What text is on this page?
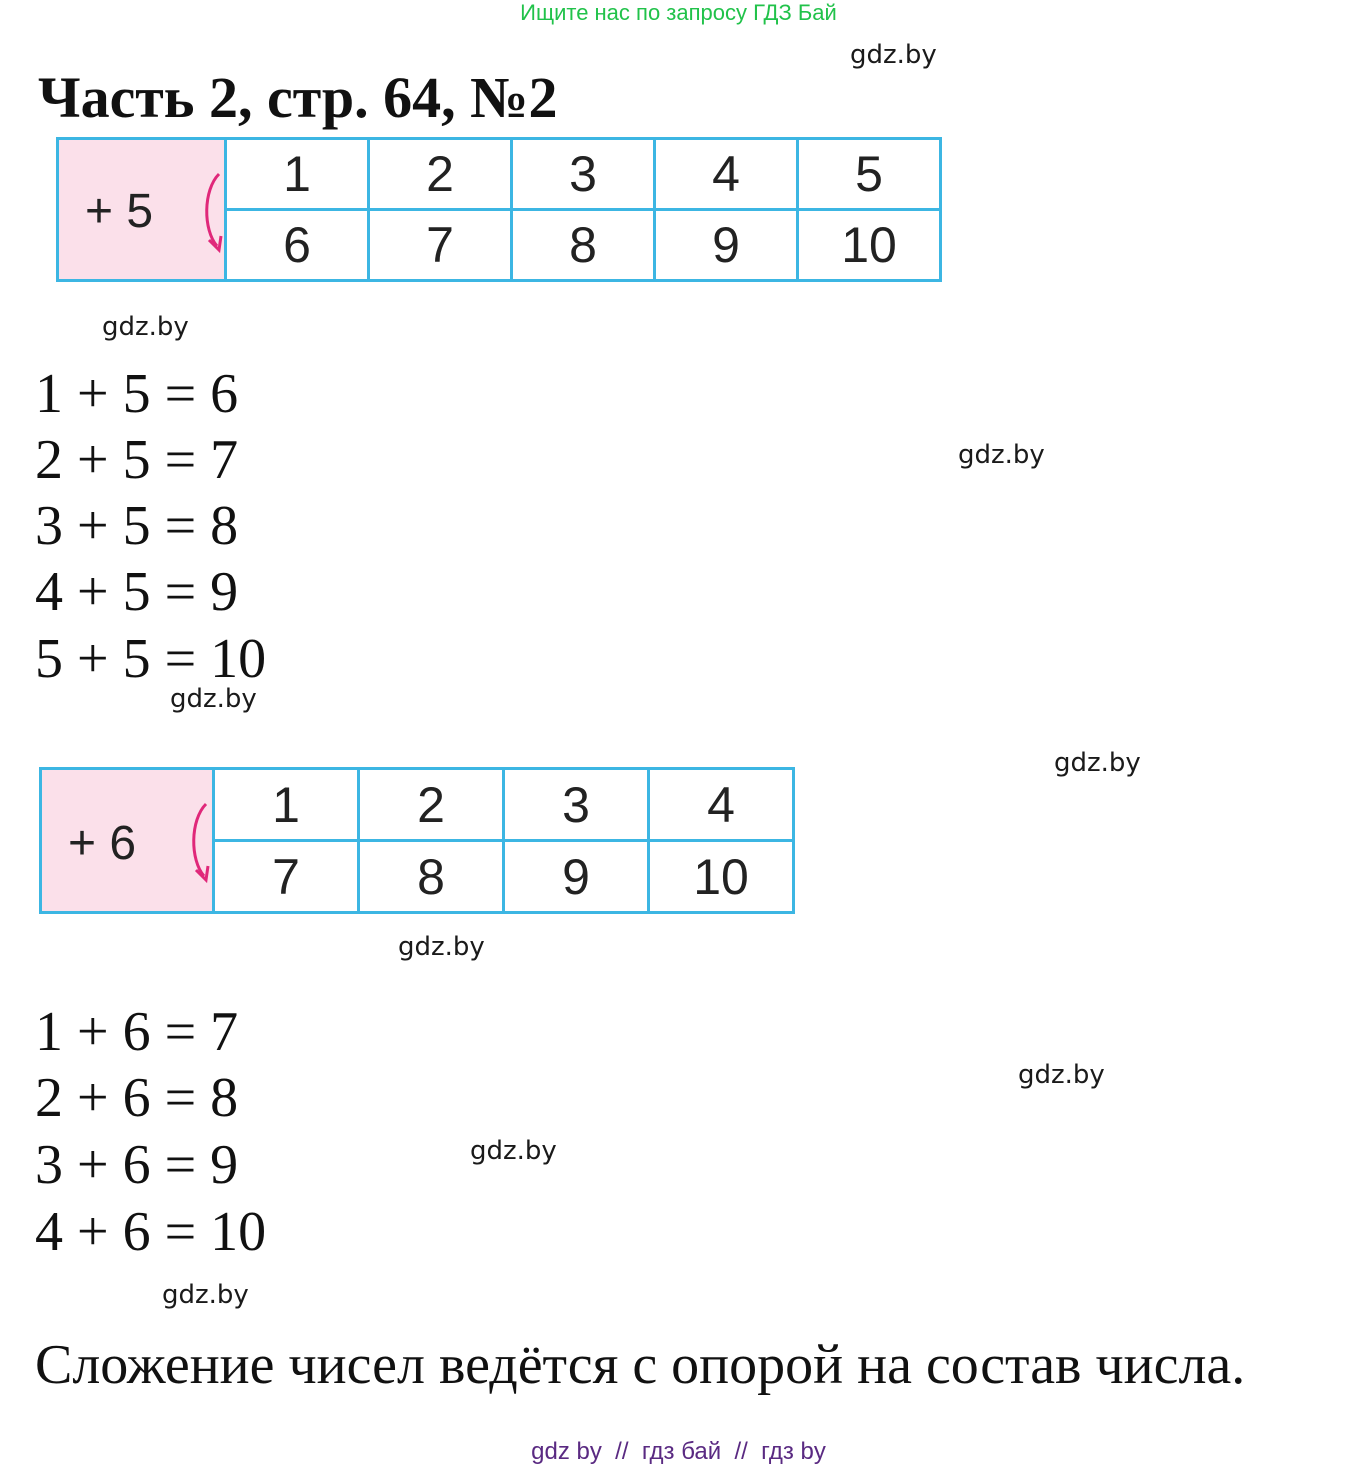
Ищите нас по запросу ГДЗ Бай
gdz.by
Часть 2, стр. 64, №2
+ 5	1	2	3	4	5
	6	7	8	9	10
gdz.by
1 + 5 = 6
2 + 5 = 7
3 + 5 = 8
4 + 5 = 9
5 + 5 = 10
gdz.by
gdz.by
gdz.by
+ 6	1	2	3	4
	7	8	9	10
gdz.by
1 + 6 = 7
2 + 6 = 8
3 + 6 = 9
4 + 6 = 10
gdz.by
gdz.by
gdz.by
Сложение чисел ведётся с опорой на состав числа.
gdz by  //  гдз бай  //  гдз by
